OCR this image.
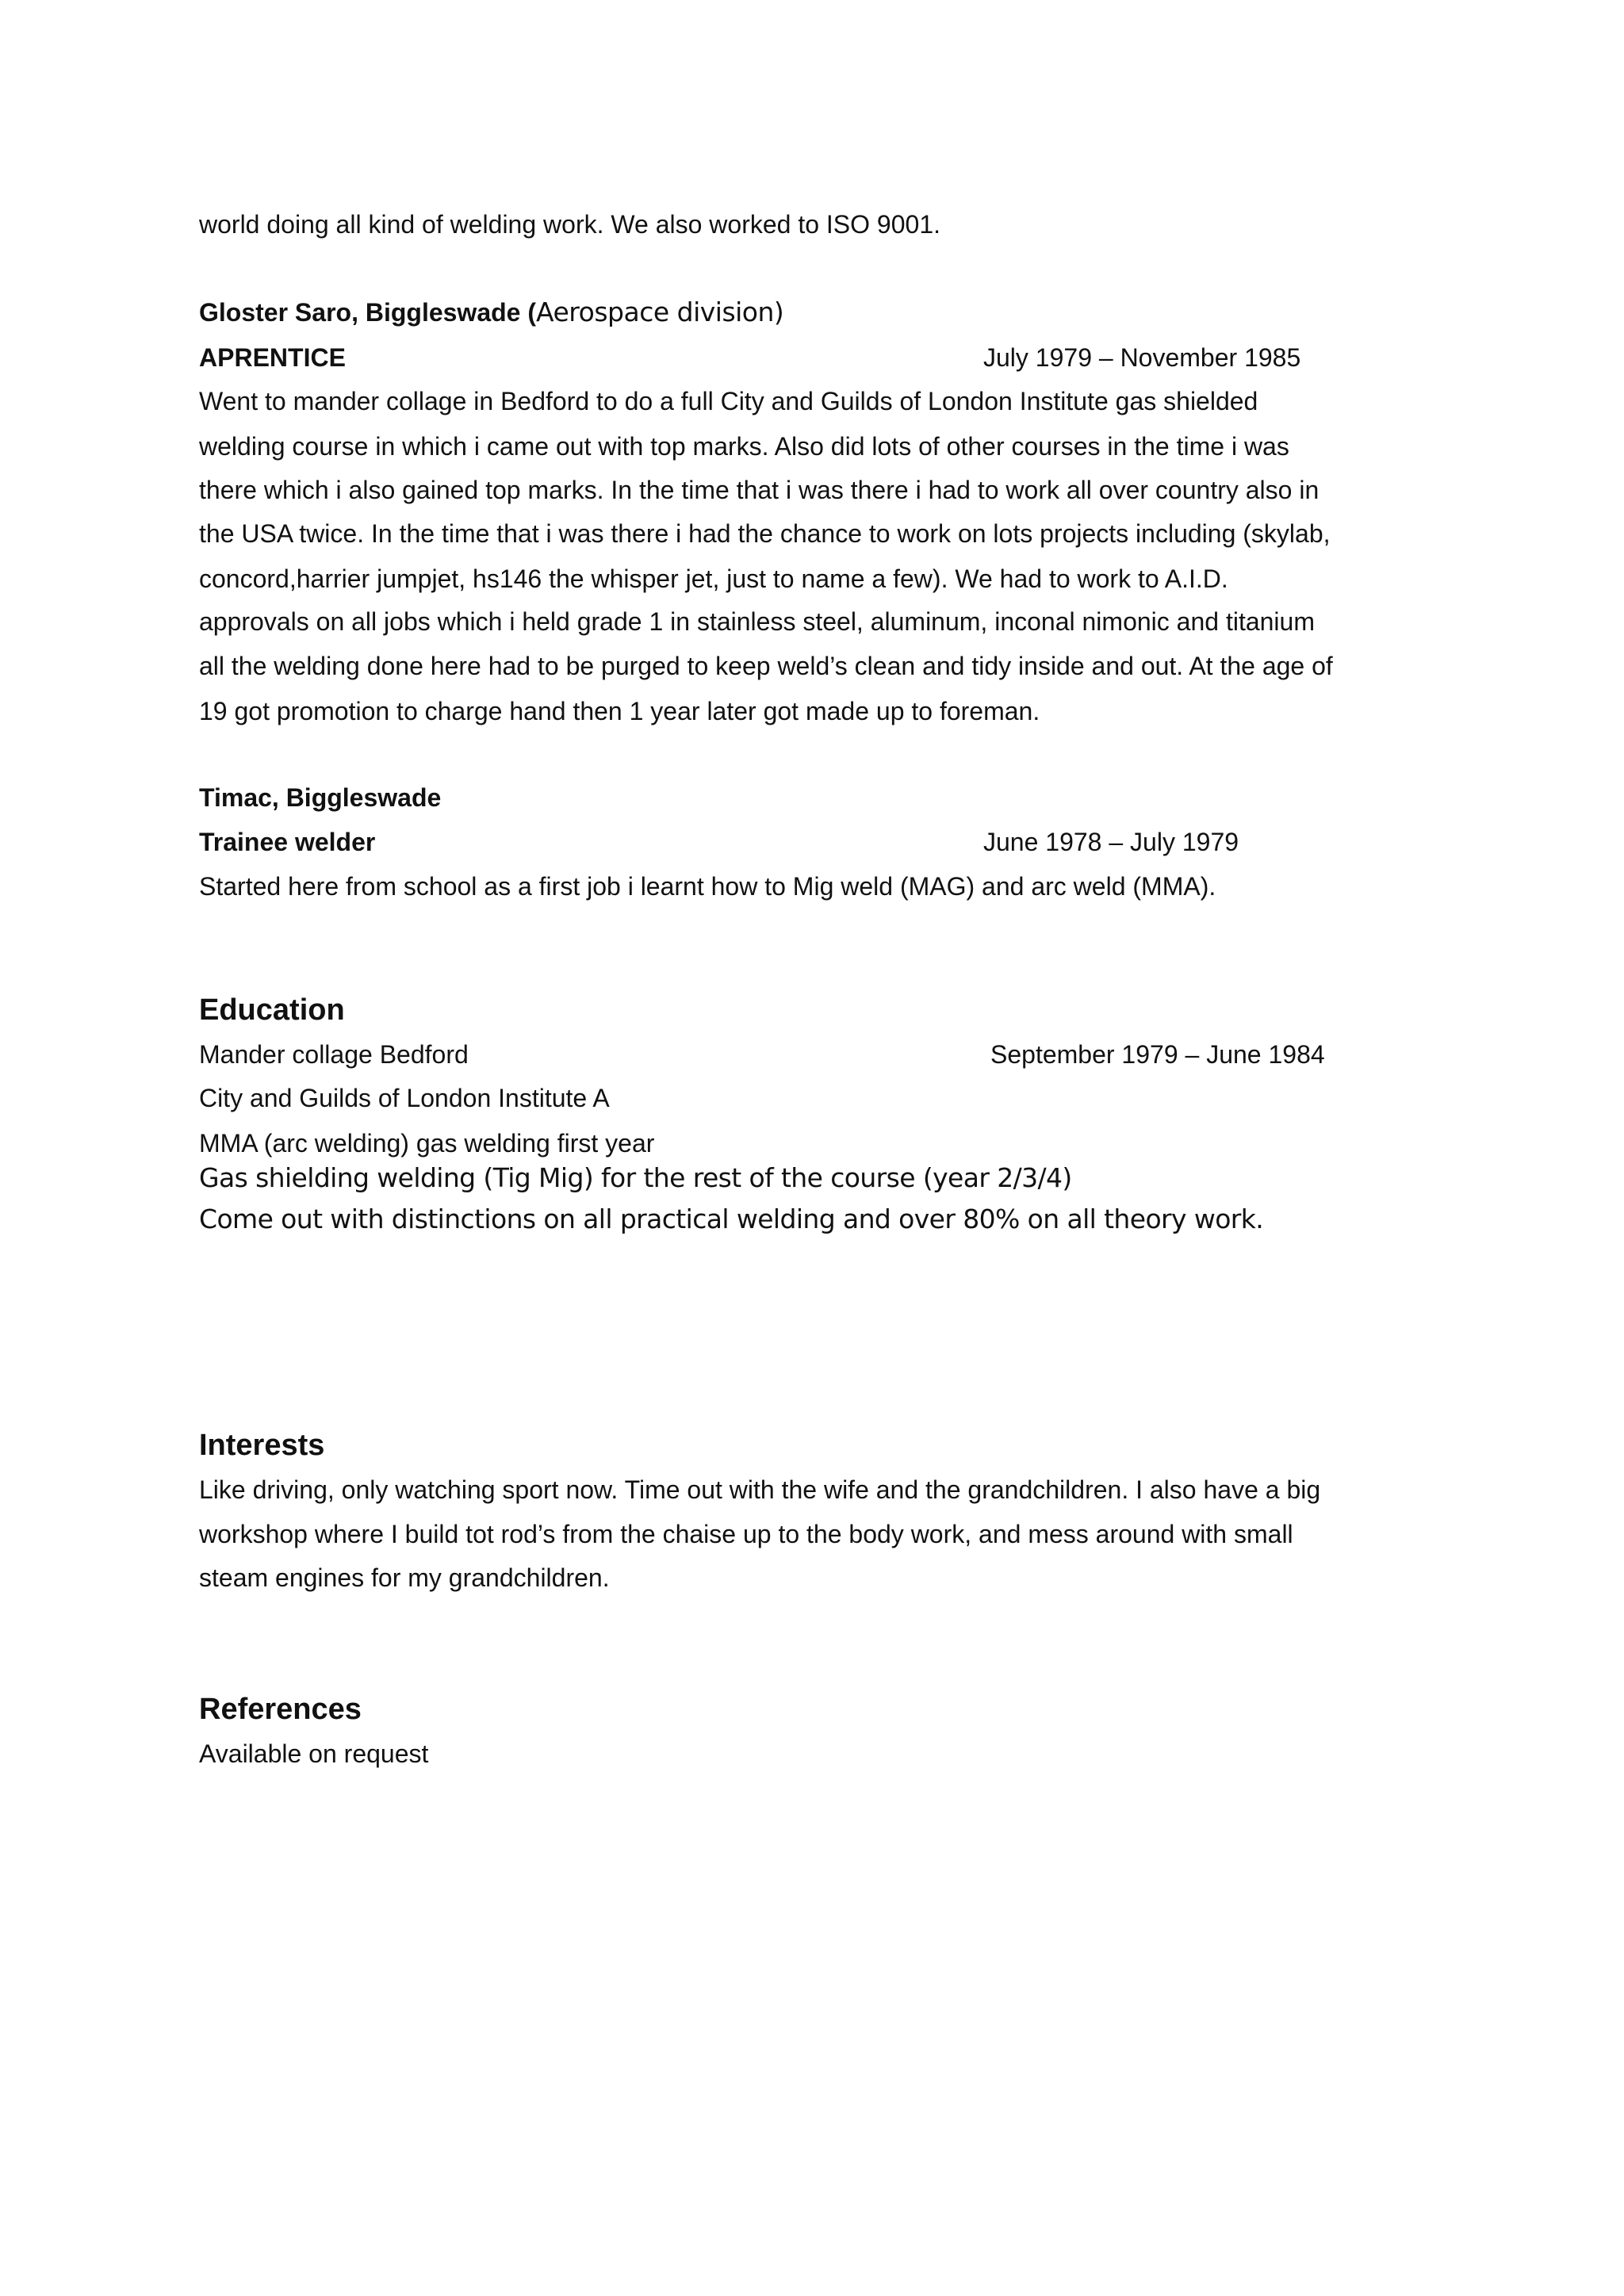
world doing all kind of welding work. We also worked to ISO 9001.
Gloster Saro, Biggleswade (Aerospace division)
APRENTICE	July 1979 – November 1985
Went to mander collage in Bedford to do a full City and Guilds of London Institute gas shielded
welding course in which i came out with top marks. Also did lots of other courses in the time i was
there which i also gained top marks. In the time that i was there i had to work all over country also in
the USA twice. In the time that i was there i had the chance to work on lots projects including (skylab,
concord,harrier jumpjet, hs146 the whisper jet, just to name a few). We had to work to A.I.D.
approvals on all jobs which i held grade 1 in stainless steel, aluminum, inconal nimonic and titanium
all the welding done here had to be purged to keep weld’s clean and tidy inside and out. At the age of
19 got promotion to charge hand then 1 year later got made up to foreman.
Timac, Biggleswade
Trainee welder	June 1978 – July 1979
Started here from school as a first job i learnt how to Mig weld (MAG) and arc weld (MMA).
Education
Mander collage Bedford	September 1979 – June 1984
City and Guilds of London Institute A
MMA (arc welding) gas welding first year
Gas shielding welding (Tig Mig) for the rest of the course (year 2/3/4)
Come out with distinctions on all practical welding and over 80% on all theory work.
Interests
Like driving, only watching sport now. Time out with the wife and the grandchildren. I also have a big
workshop where I build tot rod’s from the chaise up to the body work, and mess around with small
steam engines for my grandchildren.
References
Available on request
